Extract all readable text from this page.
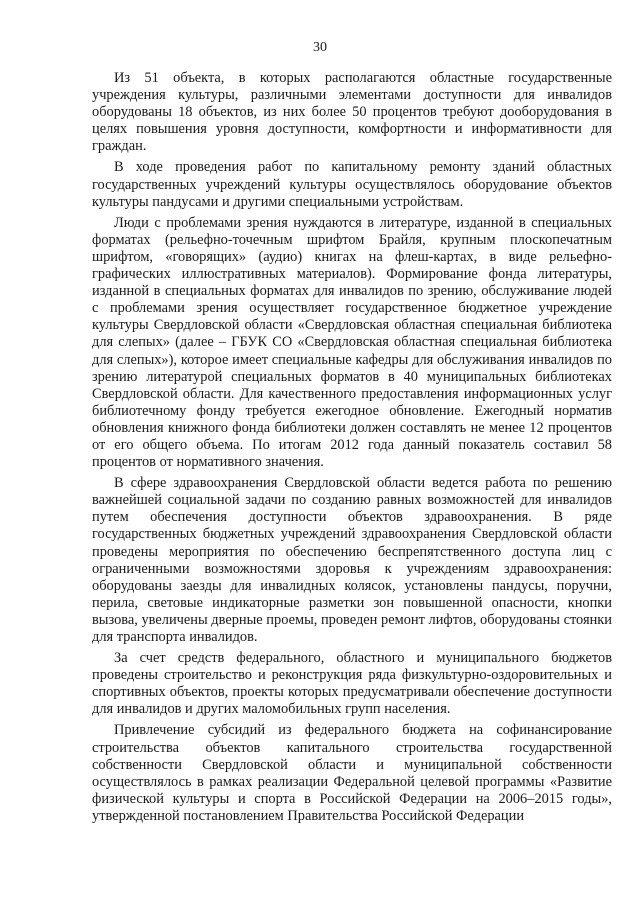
30

Из 51 объекта, в которых располагаются областные государственные учреждения культуры, различными элементами доступности для инвалидов оборудованы 18 объектов, из них более 50 процентов требуют дооборудования в целях повышения уровня доступности, комфортности и информативности для граждан.

В ходе проведения работ по капитальному ремонту зданий областных государственных учреждений культуры осуществлялось оборудование объектов культуры пандусами и другими специальными устройствам.

Люди с проблемами зрения нуждаются в литературе, изданной в специальных форматах (рельефно-точечным шрифтом Брайля, крупным плоскопечатным шрифтом, «говорящих» (аудио) книгах на флеш-картах, в виде рельефно-графических иллюстративных материалов). Формирование фонда литературы, изданной в специальных форматах для инвалидов по зрению, обслуживание людей с проблемами зрения осуществляет государственное бюджетное учреждение культуры Свердловской области «Свердловская областная специальная библиотека для слепых» (далее – ГБУК СО «Свердловская областная специальная библиотека для слепых»), которое имеет специальные кафедры для обслуживания инвалидов по зрению литературой специальных форматов в 40 муниципальных библиотеках Свердловской области. Для качественного предоставления информационных услуг библиотечному фонду требуется ежегодное обновление. Ежегодный норматив обновления книжного фонда библиотеки должен составлять не менее 12 процентов от его общего объема. По итогам 2012 года данный показатель составил 58 процентов от нормативного значения.

В сфере здравоохранения Свердловской области ведется работа по решению важнейшей социальной задачи по созданию равных возможностей для инвалидов путем обеспечения доступности объектов здравоохранения. В ряде государственных бюджетных учреждений здравоохранения Свердловской области проведены мероприятия по обеспечению беспрепятственного доступа лиц с ограниченными возможностями здоровья к учреждениям здравоохранения: оборудованы заезды для инвалидных колясок, установлены пандусы, поручни, перила, световые индикаторные разметки зон повышенной опасности, кнопки вызова, увеличены дверные проемы, проведен ремонт лифтов, оборудованы стоянки для транспорта инвалидов.

За счет средств федерального, областного и муниципального бюджетов проведены строительство и реконструкция ряда физкультурно-оздоровительных и спортивных объектов, проекты которых предусматривали обеспечение доступности для инвалидов и других маломобильных групп населения.

Привлечение субсидий из федерального бюджета на софинансирование строительства объектов капитального строительства государственной собственности Свердловской области и муниципальной собственности осуществлялось в рамках реализации Федеральной целевой программы «Развитие физической культуры и спорта в Российской Федерации на 2006–2015 годы», утвержденной постановлением Правительства Российской Федерации
